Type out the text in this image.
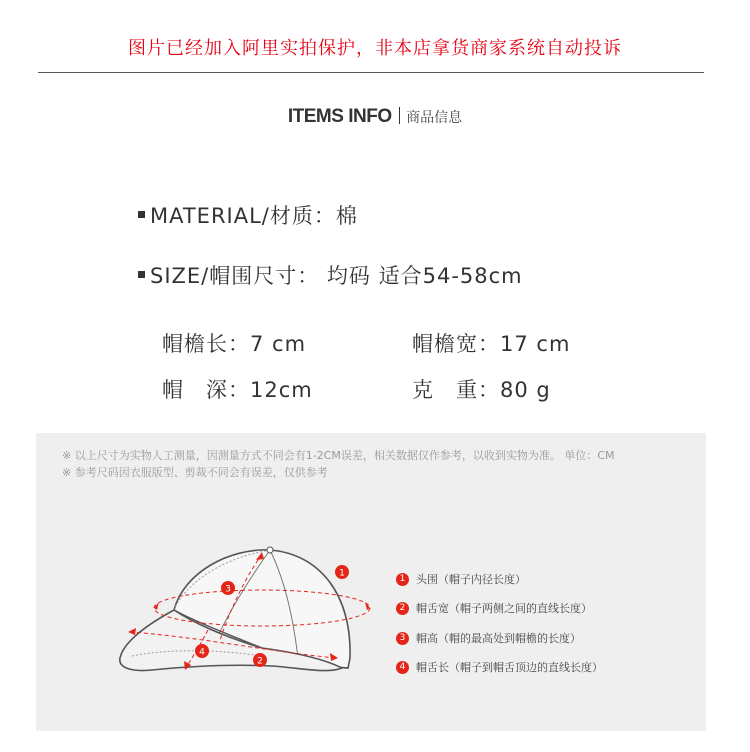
图片已经加入阿里实拍保护，非本店拿货商家系统自动投诉
ITEMS INFO 商品信息
MATERIAL/材质：棉
SIZE/帽围尺寸： 均码 适合54-58cm
帽檐长：7 cm	帽檐宽：17 cm
帽　深：12cm	克　重：80 g
※ 以上尺寸为实物人工测量，因测量方式不同会有1-2CM误差，相关数据仅作参考，以收到实物为准。 单位：CM
※ 参考尺码因衣服版型、剪裁不同会有误差，仅供参考
1
3
4
2
1 头围（帽子内径长度）
2 帽舌宽（帽子两侧之间的直线长度）
3 帽高（帽的最高处到帽檐的长度）
4 帽舌长（帽子到帽舌顶边的直线长度）
